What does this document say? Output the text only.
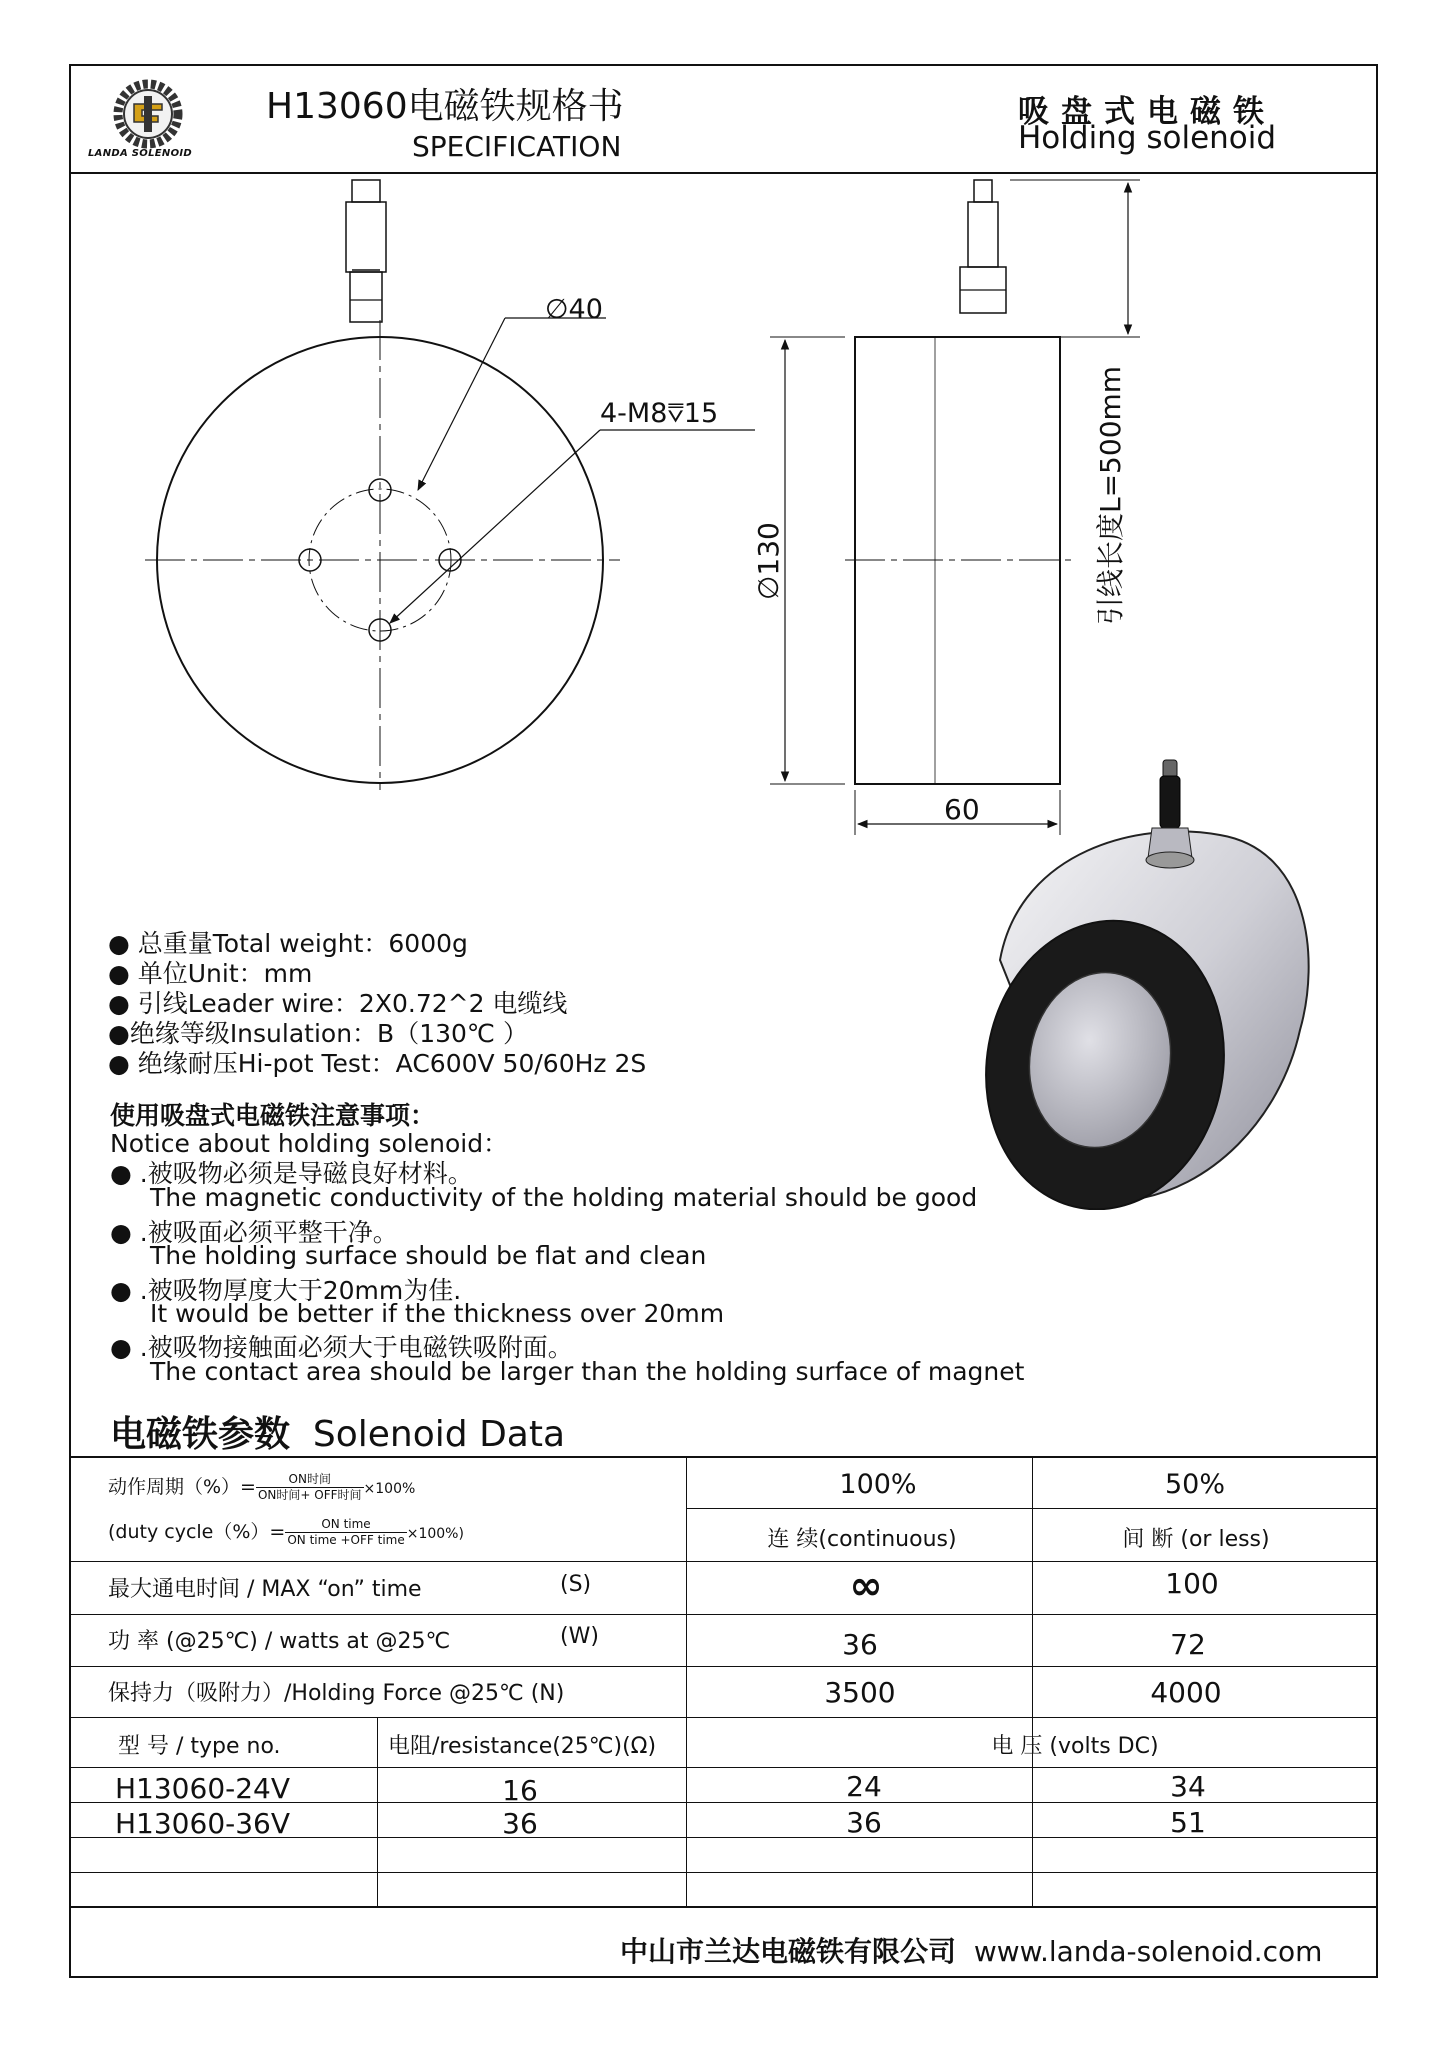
LANDA SOLENOID
H13060电磁铁规格书
SPECIFICATION
吸盘式电磁铁
Holding solenoid
∅40
4-M8⩢15
∅130
60
引线长度L=500mm
● 总重量Total weight：6000g
● 单位Unit：mm
● 引线Leader wire：2X0.72^2 电缆线
●绝缘等级Insulation：B（130℃ ）
● 绝缘耐压Hi-pot Test：AC600V 50/60Hz 2S
使用吸盘式电磁铁注意事项：
Notice about holding solenoid：
● .被吸物必须是导磁良好材料。
The magnetic conductivity of the holding material should be good
● .被吸面必须平整干净。
The holding surface should be flat and clean
● .被吸物厚度大于20mm为佳.
It would be better if the thickness over 20mm
● .被吸物接触面必须大于电磁铁吸附面。
The contact area should be larger than the holding surface of magnet
电磁铁参数 Solenoid Data
动作周期（%）= $\frac{\text{ON时间}}{\text{ON时间+ OFF时间}} \times 100\%$
(duty cycle（%）= $\frac{\text{ON time}}{\text{ON time +OFF time}} \times 100\%$)
100%	50%
连 续(continuous)	间 断 (or less)
最大通电时间 / MAX “on” time	(S)	∞	100
功 率 (@25℃) / watts at @25℃	(W)	36	72
保持力（吸附力）/Holding Force @25℃ (N)	3500	4000
型 号 / type no.	电阻/resistance(25℃)(Ω)	电 压 (volts DC)
H13060-24V	16	24	34
H13060-36V	36	36	51
中山市兰达电磁铁有限公司 www.landa-solenoid.com
